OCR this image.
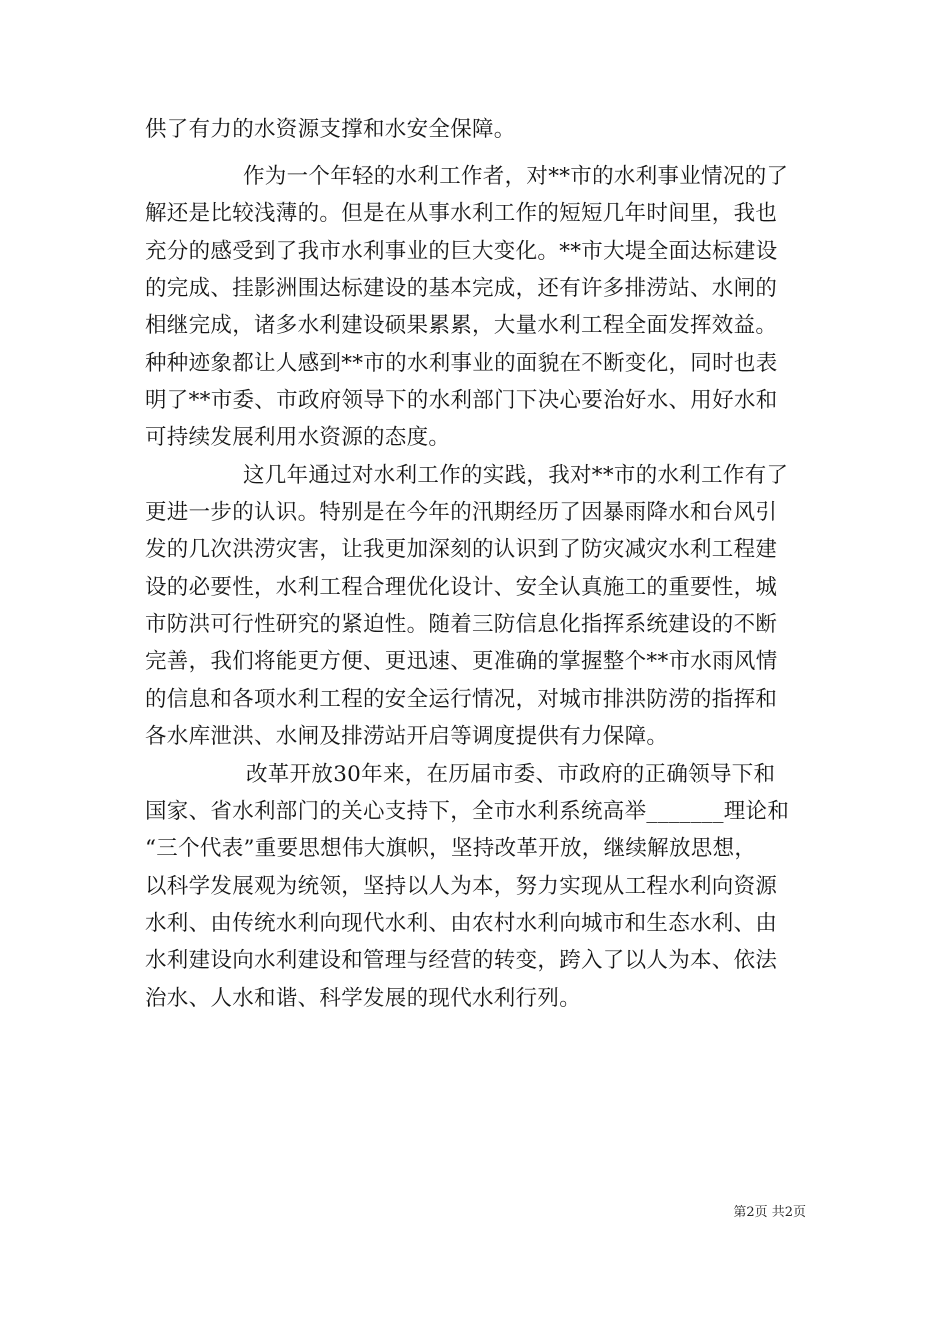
供了有力的水资源支撑和水安全保障。
作为一个年轻的水利工作者，对**市的水利事业情况的了
解还是比较浅薄的。但是在从事水利工作的短短几年时间里，我也
充分的感受到了我市水利事业的巨大变化。**市大堤全面达标建设
的完成、挂影洲围达标建设的基本完成，还有许多排涝站、水闸的
相继完成，诸多水利建设硕果累累，大量水利工程全面发挥效益。
种种迹象都让人感到**市的水利事业的面貌在不断变化，同时也表
明了**市委、市政府领导下的水利部门下决心要治好水、用好水和
可持续发展利用水资源的态度。
这几年通过对水利工作的实践，我对**市的水利工作有了
更进一步的认识。特别是在今年的汛期经历了因暴雨降水和台风引
发的几次洪涝灾害，让我更加深刻的认识到了防灾减灾水利工程建
设的必要性，水利工程合理优化设计、安全认真施工的重要性，城
市防洪可行性研究的紧迫性。随着三防信息化指挥系统建设的不断
完善，我们将能更方便、更迅速、更准确的掌握整个**市水雨风情
的信息和各项水利工程的安全运行情况，对城市排洪防涝的指挥和
各水库泄洪、水闸及排涝站开启等调度提供有力保障。
改革开放30年来，在历届市委、市政府的正确领导下和
国家、省水利部门的关心支持下，全市水利系统高举_______理论和
“三个代表”重要思想伟大旗帜，坚持改革开放，继续解放思想，
以科学发展观为统领，坚持以人为本，努力实现从工程水利向资源
水利、由传统水利向现代水利、由农村水利向城市和生态水利、由
水利建设向水利建设和管理与经营的转变，跨入了以人为本、依法
治水、人水和谐、科学发展的现代水利行列。
第2页 共2页
